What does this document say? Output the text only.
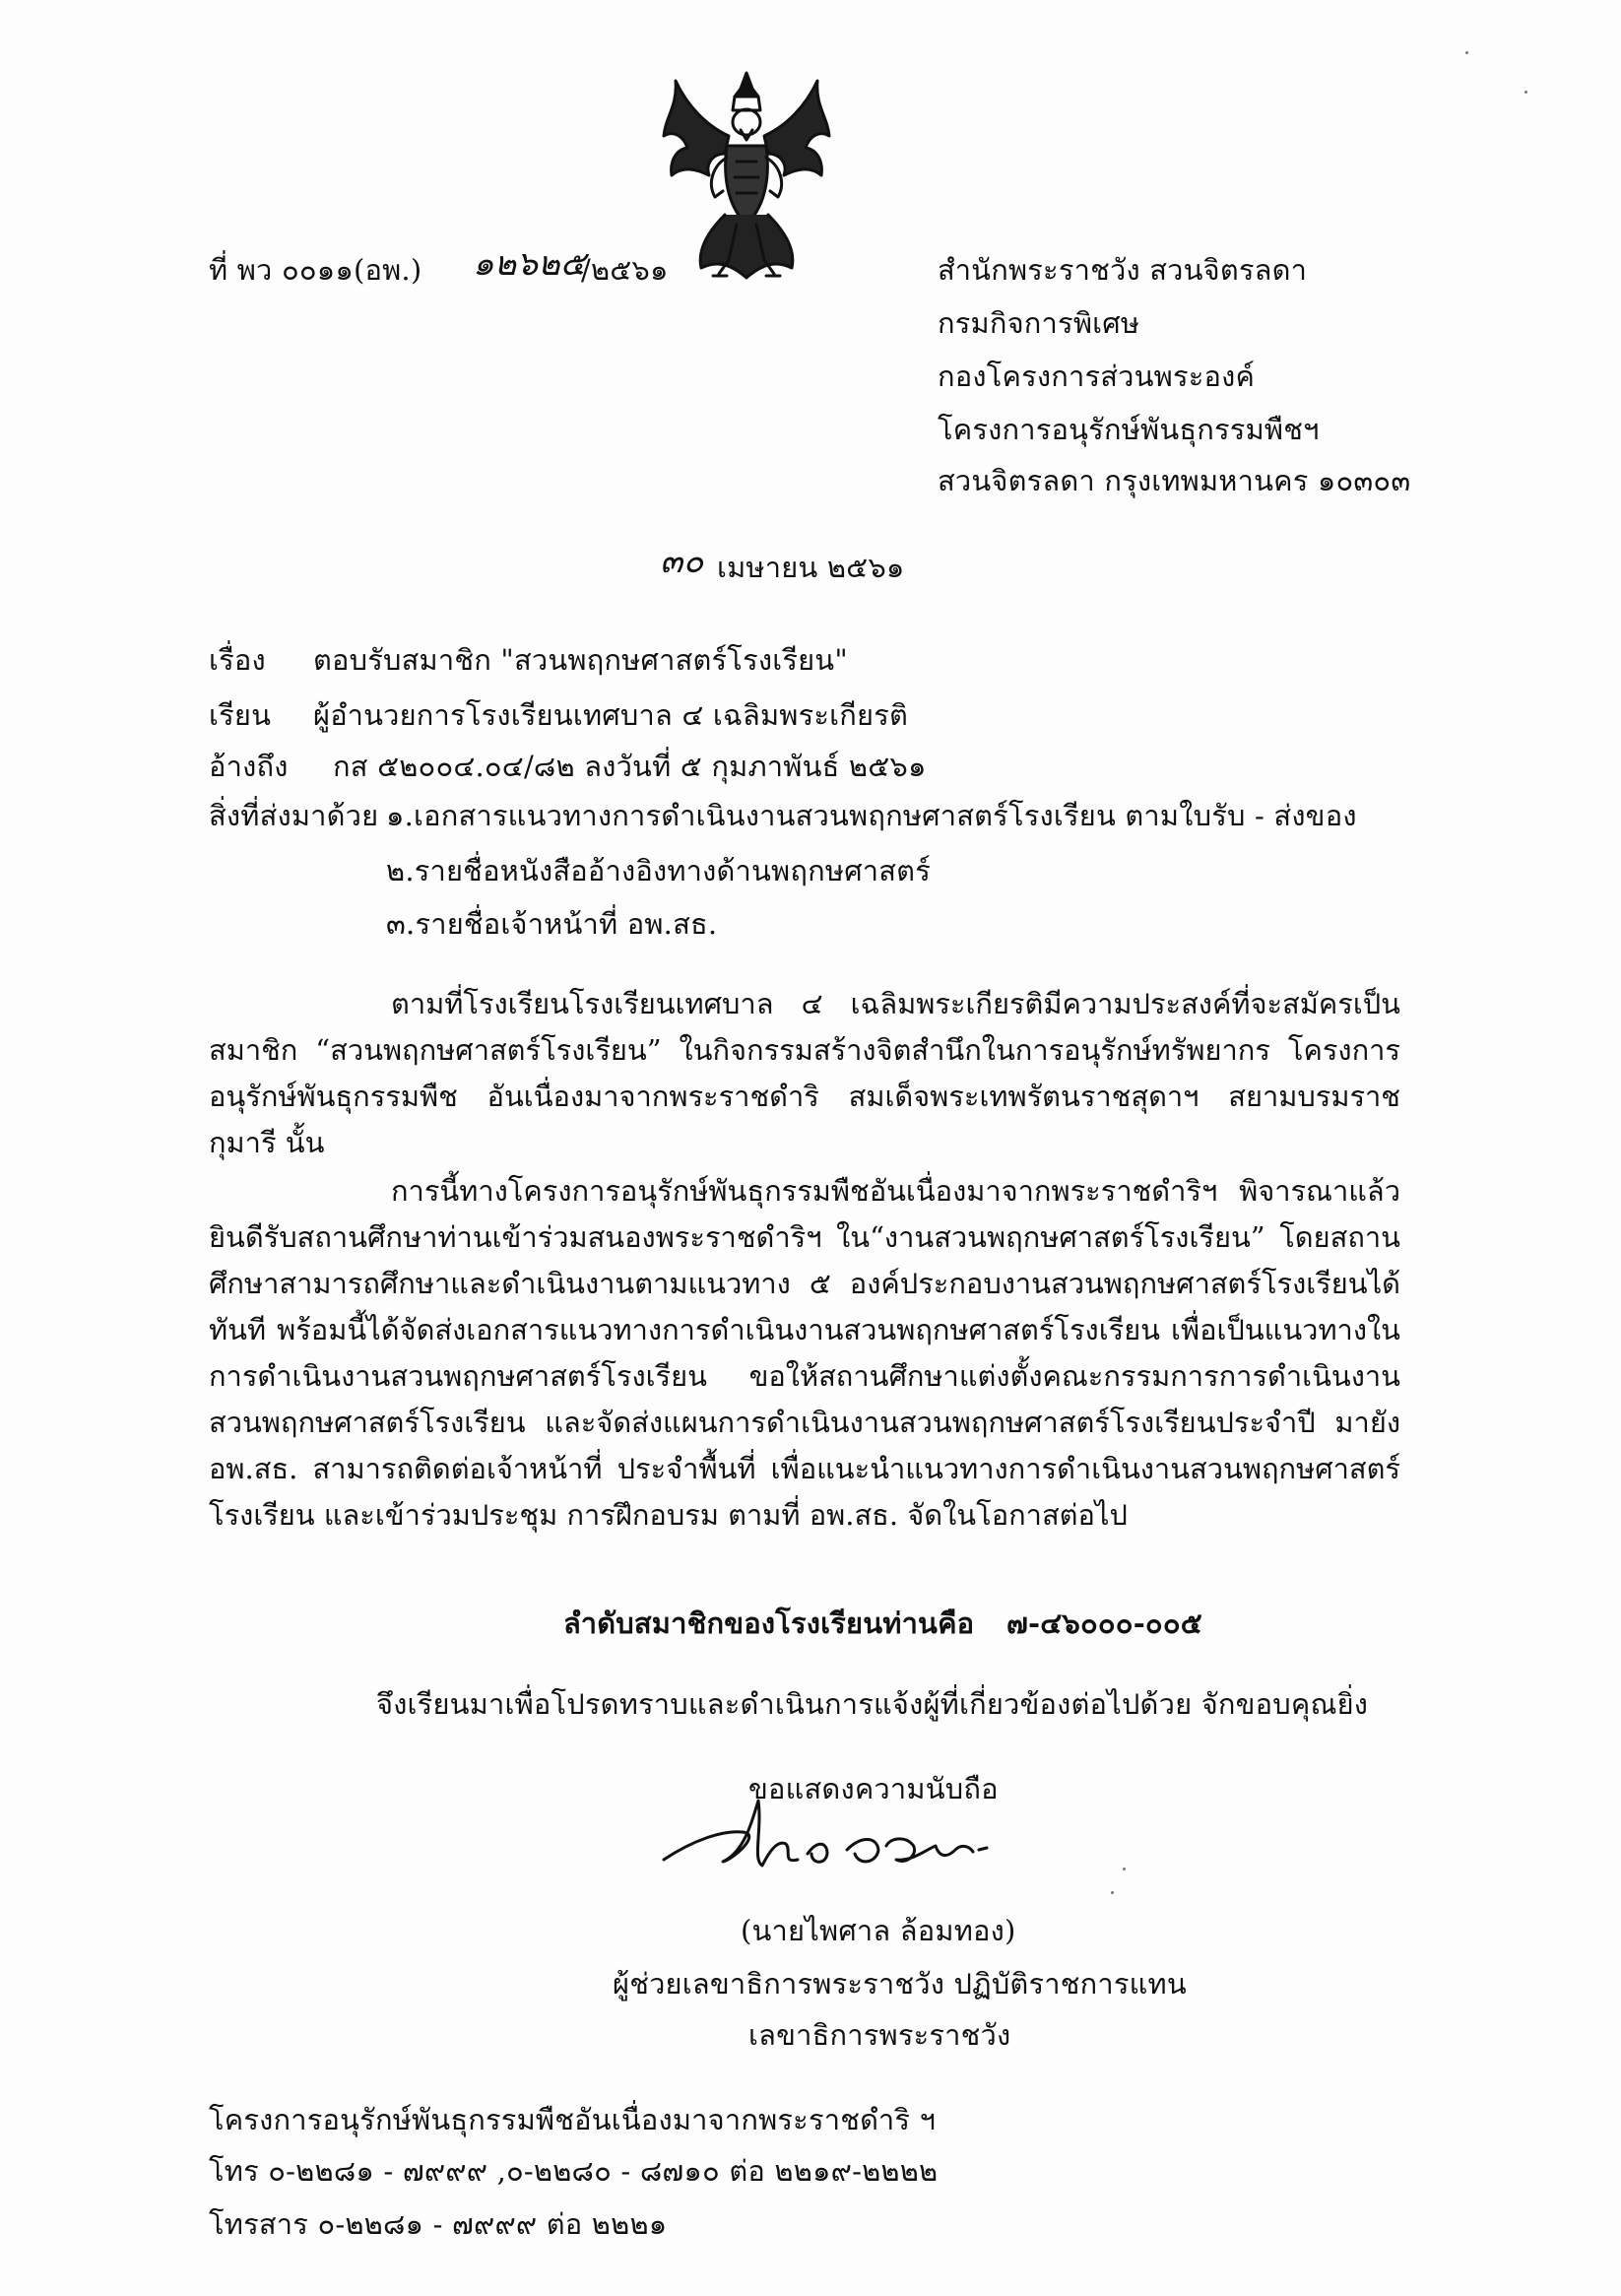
ที่ พว ๐๐๑๑(อพ.) ๑๒๖๒๕
/๒๕๖๑	สำนักพระราชวัง สวนจิตรลดา
กรมกิจการพิเศษ
กองโครงการส่วนพระองค์
โครงการอนุรักษ์พันธุกรรมพืชฯ
สวนจิตรลดา กรุงเทพมหานคร ๑๐๓๐๓
๓๐ เมษายน ๒๕๖๑
เรื่อง ตอบรับสมาชิก "สวนพฤกษศาสตร์โรงเรียน"
เรียน ผู้อำนวยการโรงเรียนเทศบาล ๔ เฉลิมพระเกียรติ
อ้างถึง กส ๕๒๐๐๔.๐๔/๘๒ ลงวันที่ ๕ กุมภาพันธ์ ๒๕๖๑
สิ่งที่ส่งมาด้วย ๑.เอกสารแนวทางการดำเนินงานสวนพฤกษศาสตร์โรงเรียน ตามใบรับ - ส่งของ
๒.รายชื่อหนังสืออ้างอิงทางด้านพฤกษศาสตร์
๓.รายชื่อเจ้าหน้าที่ อพ.สธ.
ตามที่โรงเรียนโรงเรียนเทศบาล ๔ เฉลิมพระเกียรติมีความประสงค์ที่จะสมัครเป็นสมาชิก “สวนพฤกษศาสตร์โรงเรียน” ในกิจกรรมสร้างจิตสำนึกในการอนุรักษ์ทรัพยากร โครงการอนุรักษ์พันธุกรรมพืช อันเนื่องมาจากพระราชดำริ สมเด็จพระเทพรัตนราชสุดาฯ สยามบรมราชกุมารี นั้น
การนี้ทางโครงการอนุรักษ์พันธุกรรมพืชอันเนื่องมาจากพระราชดำริฯ พิจารณาแล้ว ยินดีรับสถานศึกษาท่านเข้าร่วมสนองพระราชดำริฯ ใน“งานสวนพฤกษศาสตร์โรงเรียน” โดยสถานศึกษาสามารถศึกษาและดำเนินงานตามแนวทาง ๕ องค์ประกอบงานสวนพฤกษศาสตร์โรงเรียนได้ทันที พร้อมนี้ได้จัดส่งเอกสารแนวทางการดำเนินงานสวนพฤกษศาสตร์โรงเรียน เพื่อเป็นแนวทางในการดำเนินงานสวนพฤกษศาสตร์โรงเรียน ขอให้สถานศึกษาแต่งตั้งคณะกรรมการการดำเนินงานสวนพฤกษศาสตร์โรงเรียน และจัดส่งแผนการดำเนินงานสวนพฤกษศาสตร์โรงเรียนประจำปี มายัง อพ.สธ. สามารถติดต่อเจ้าหน้าที่ ประจำพื้นที่ เพื่อแนะนำแนวทางการดำเนินงานสวนพฤกษศาสตร์โรงเรียน และเข้าร่วมประชุม การฝึกอบรม ตามที่ อพ.สธ. จัดในโอกาสต่อไป
ลำดับสมาชิกของโรงเรียนท่านคือ ๗-๔๖๐๐๐-๐๐๕
จึงเรียนมาเพื่อโปรดทราบและดำเนินการแจ้งผู้ที่เกี่ยวข้องต่อไปด้วย จักขอบคุณยิ่ง
ขอแสดงความนับถือ
(นายไพศาล ล้อมทอง)
ผู้ช่วยเลขาธิการพระราชวัง ปฏิบัติราชการแทน
เลขาธิการพระราชวัง
โครงการอนุรักษ์พันธุกรรมพืชอันเนื่องมาจากพระราชดำริ ฯ
โทร ๐-๒๒๘๑ - ๗๙๙๙ ,๐-๒๒๘๐ - ๘๗๑๐ ต่อ ๒๒๑๙-๒๒๒๒
โทรสาร ๐-๒๒๘๑ - ๗๙๙๙ ต่อ ๒๒๒๑
